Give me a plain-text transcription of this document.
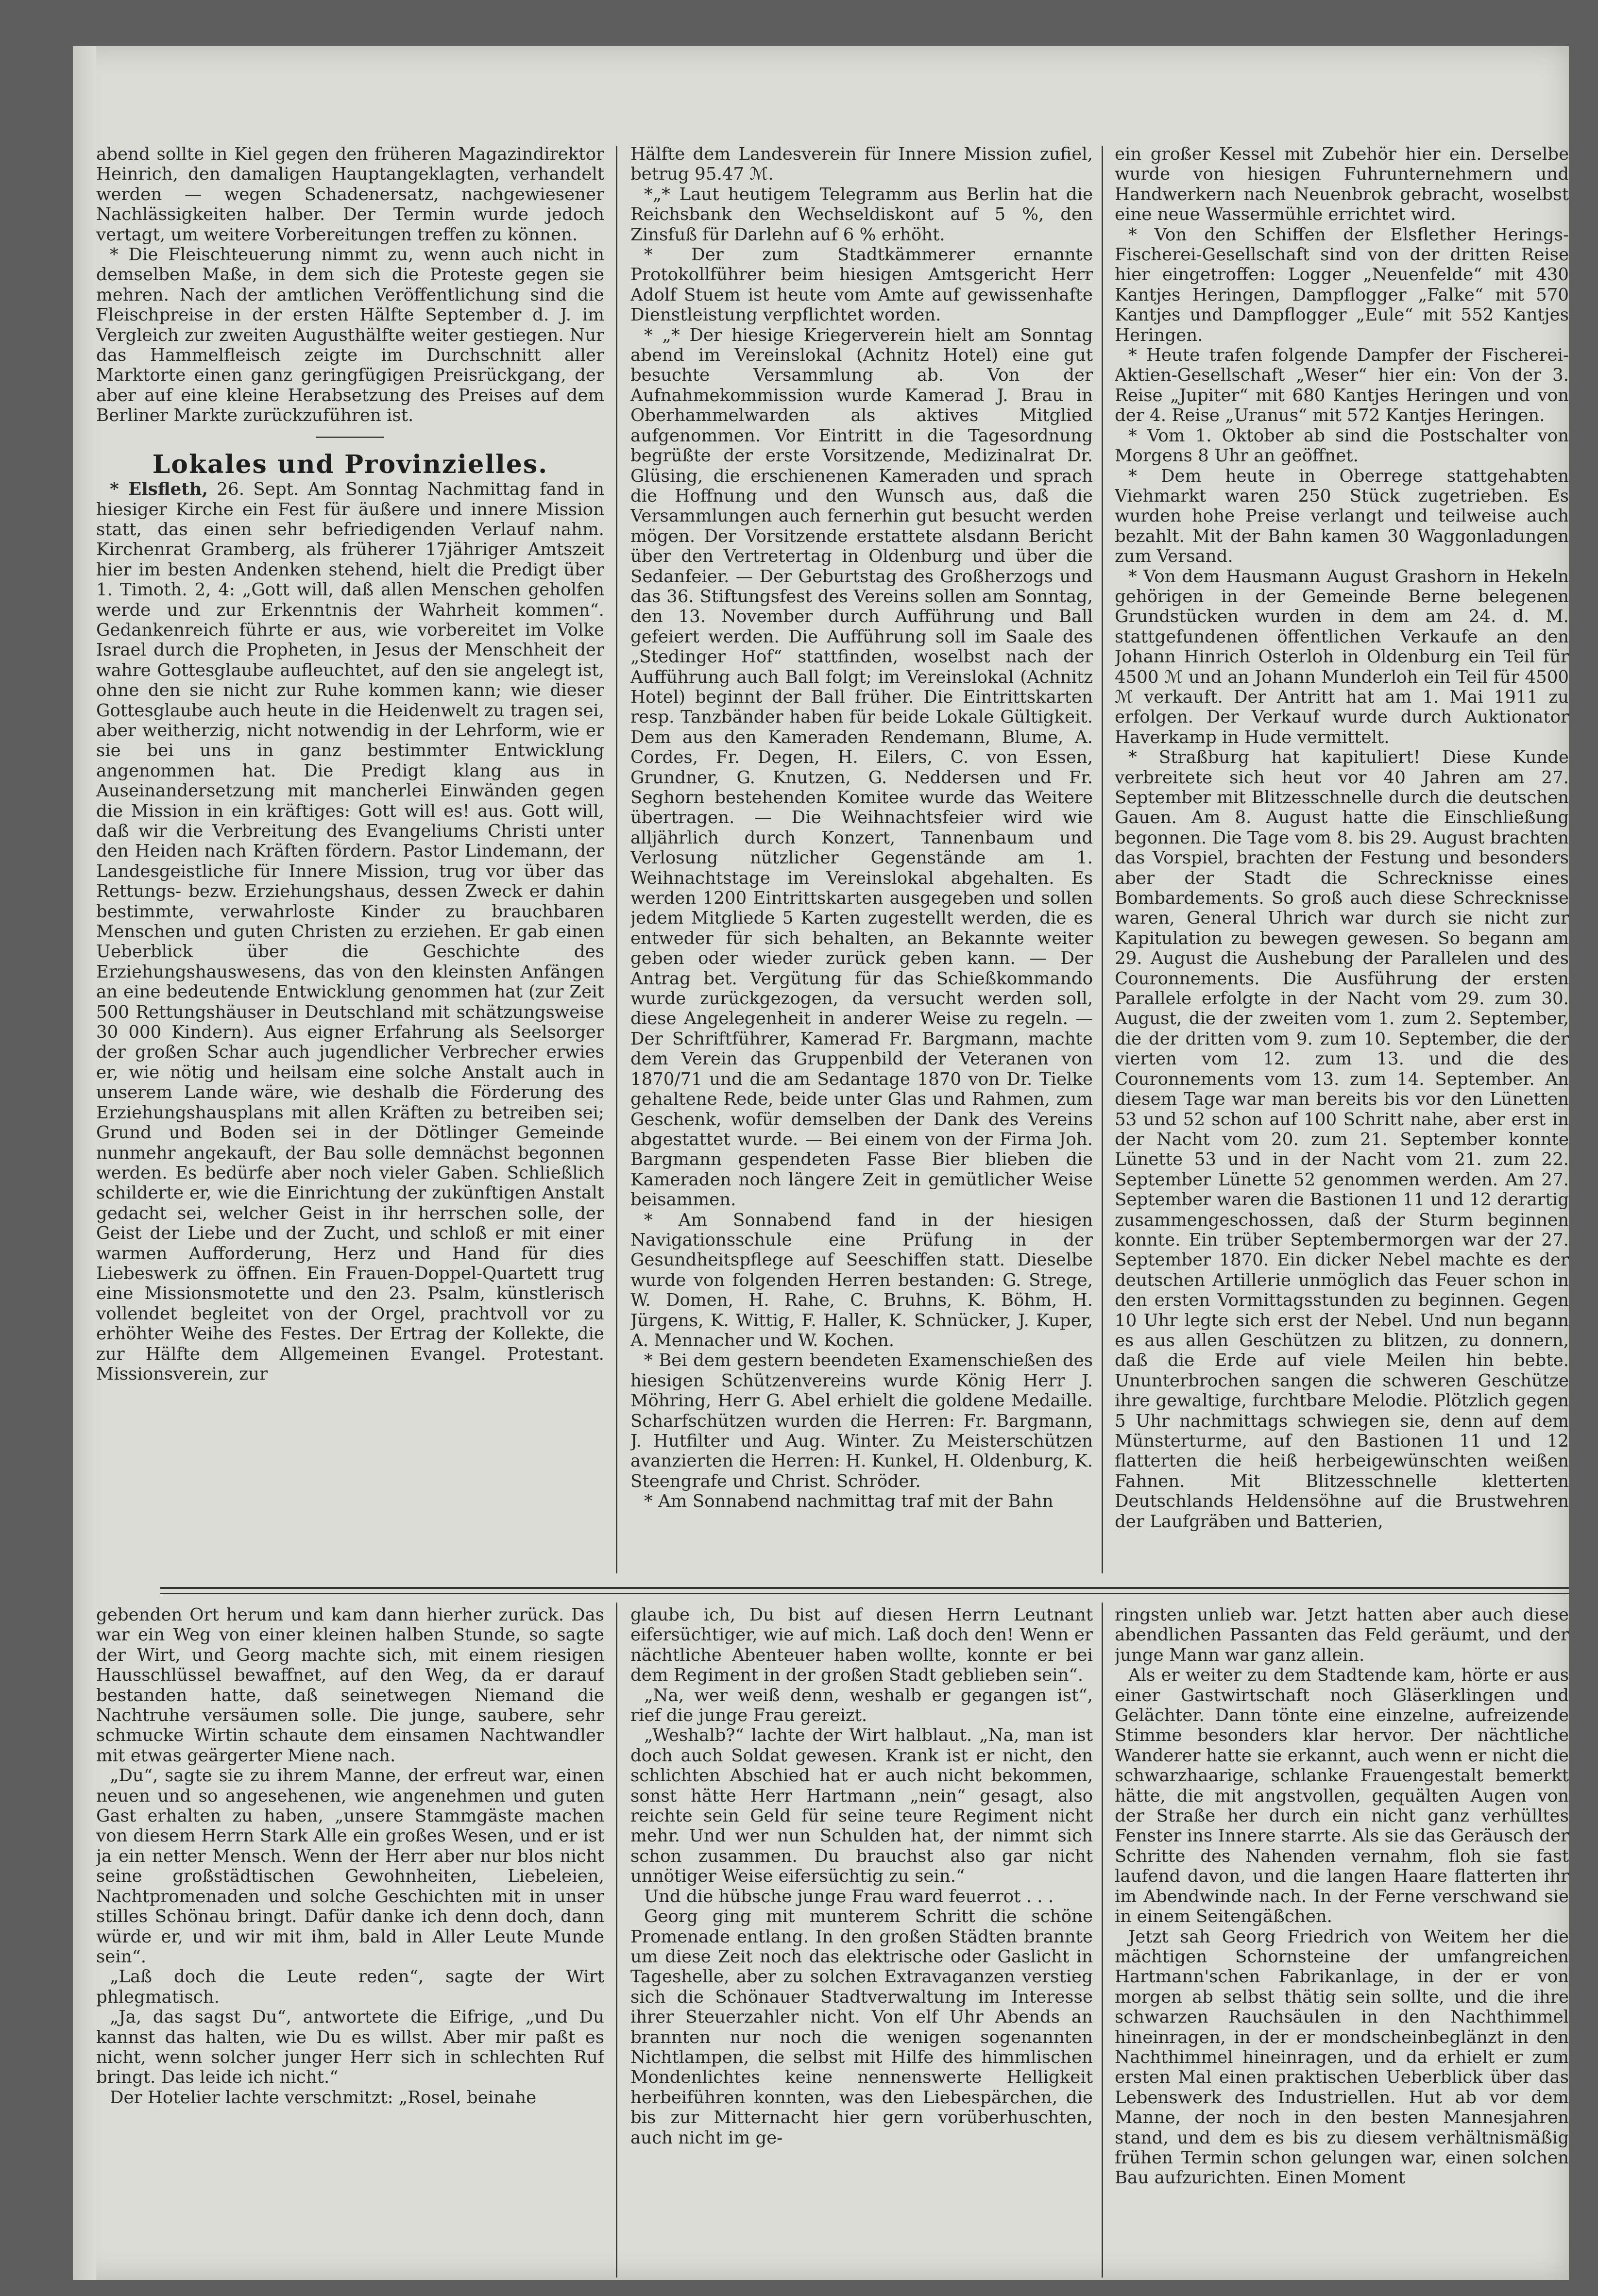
abend sollte in Kiel gegen den früheren Magazindirektor Heinrich, den damaligen Hauptangeklagten, verhandelt werden — wegen Schadenersatz, nachgewiesener Nachlässigkeiten halber. Der Termin wurde jedoch vertagt, um weitere Vorbereitungen treffen zu können.

* Die Fleischteuerung nimmt zu, wenn auch nicht in demselben Maße, in dem sich die Proteste gegen sie mehren. Nach der amtlichen Veröffentlichung sind die Fleischpreise in der ersten Hälfte September d. J. im Vergleich zur zweiten Augusthälfte weiter gestiegen. Nur das Hammelfleisch zeigte im Durchschnitt aller Marktorte einen ganz geringfügigen Preisrückgang, der aber auf eine kleine Herabsetzung des Preises auf dem Berliner Markte zurückzuführen ist.

Lokales und Provinzielles.

* Elsfleth, 26. Sept. Am Sonntag Nachmittag fand in hiesiger Kirche ein Fest für äußere und innere Mission statt, das einen sehr befriedigenden Verlauf nahm. Kirchenrat Gramberg, als früherer 17jähriger Amtszeit hier im besten Andenken stehend, hielt die Predigt über 1. Timoth. 2, 4: „Gott will, daß allen Menschen geholfen werde und zur Erkenntnis der Wahrheit kommen“. Gedankenreich führte er aus, wie vorbereitet im Volke Israel durch die Propheten, in Jesus der Menschheit der wahre Gottesglaube aufleuchtet, auf den sie angelegt ist, ohne den sie nicht zur Ruhe kommen kann; wie dieser Gottesglaube auch heute in die Heidenwelt zu tragen sei, aber weitherzig, nicht notwendig in der Lehrform, wie er sie bei uns in ganz bestimmter Entwicklung angenommen hat. Die Predigt klang aus in Auseinandersetzung mit mancherlei Einwänden gegen die Mission in ein kräftiges: Gott will es! aus. Gott will, daß wir die Verbreitung des Evangeliums Christi unter den Heiden nach Kräften fördern. Pastor Lindemann, der Landesgeistliche für Innere Mission, trug vor über das Rettungs- bezw. Erziehungshaus, dessen Zweck er dahin bestimmte, verwahrloste Kinder zu brauchbaren Menschen und guten Christen zu erziehen. Er gab einen Ueberblick über die Geschichte des Erziehungshauswesens, das von den kleinsten Anfängen an eine bedeutende Entwicklung genommen hat (zur Zeit 500 Rettungshäuser in Deutschland mit schätzungsweise 30 000 Kindern). Aus eigner Erfahrung als Seelsorger der großen Schar auch jugendlicher Verbrecher erwies er, wie nötig und heilsam eine solche Anstalt auch in unserem Lande wäre, wie deshalb die Förderung des Erziehungshausplans mit allen Kräften zu betreiben sei; Grund und Boden sei in der Dötlinger Gemeinde nunmehr angekauft, der Bau solle demnächst begonnen werden. Es bedürfe aber noch vieler Gaben. Schließlich schilderte er, wie die Einrichtung der zukünftigen Anstalt gedacht sei, welcher Geist in ihr herrschen solle, der Geist der Liebe und der Zucht, und schloß er mit einer warmen Aufforderung, Herz und Hand für dies Liebeswerk zu öffnen. Ein Frauen-Doppel-Quartett trug eine Missionsmotette und den 23. Psalm, künstlerisch vollendet begleitet von der Orgel, prachtvoll vor zu erhöhter Weihe des Festes. Der Ertrag der Kollekte, die zur Hälfte dem Allgemeinen Evangel. Protestant. Missionsverein, zur

Hälfte dem Landesverein für Innere Mission zufiel, betrug 95.47 ℳ.

*„* Laut heutigem Telegramm aus Berlin hat die Reichsbank den Wechseldiskont auf 5 %, den Zinsfuß für Darlehn auf 6 % erhöht.

* Der zum Stadtkämmerer ernannte Protokollführer beim hiesigen Amtsgericht Herr Adolf Stuem ist heute vom Amte auf gewissenhafte Dienstleistung verpflichtet worden.

* „* Der hiesige Kriegerverein hielt am Sonntag abend im Vereinslokal (Achnitz Hotel) eine gut besuchte Versammlung ab. Von der Aufnahmekommission wurde Kamerad J. Brau in Oberhammelwarden als aktives Mitglied aufgenommen. Vor Eintritt in die Tagesordnung begrüßte der erste Vorsitzende, Medizinalrat Dr. Glüsing, die erschienenen Kameraden und sprach die Hoffnung und den Wunsch aus, daß die Versammlungen auch fernerhin gut besucht werden mögen. Der Vorsitzende erstattete alsdann Bericht über den Vertretertag in Oldenburg und über die Sedanfeier. — Der Geburtstag des Großherzogs und das 36. Stiftungsfest des Vereins sollen am Sonntag, den 13. November durch Aufführung und Ball gefeiert werden. Die Aufführung soll im Saale des „Stedinger Hof“ stattfinden, woselbst nach der Aufführung auch Ball folgt; im Vereinslokal (Achnitz Hotel) beginnt der Ball früher. Die Eintrittskarten resp. Tanzbänder haben für beide Lokale Gültigkeit. Dem aus den Kameraden Rendemann, Blume, A. Cordes, Fr. Degen, H. Eilers, C. von Essen, Grundner, G. Knutzen, G. Neddersen und Fr. Seghorn bestehenden Komitee wurde das Weitere übertragen. — Die Weihnachtsfeier wird wie alljährlich durch Konzert, Tannenbaum und Verlosung nützlicher Gegenstände am 1. Weihnachtstage im Vereinslokal abgehalten. Es werden 1200 Eintrittskarten ausgegeben und sollen jedem Mitgliede 5 Karten zugestellt werden, die es entweder für sich behalten, an Bekannte weiter geben oder wieder zurück geben kann. — Der Antrag bet. Vergütung für das Schießkommando wurde zurückgezogen, da versucht werden soll, diese Angelegenheit in anderer Weise zu regeln. — Der Schriftführer, Kamerad Fr. Bargmann, machte dem Verein das Gruppenbild der Veteranen von 1870/71 und die am Sedantage 1870 von Dr. Tielke gehaltene Rede, beide unter Glas und Rahmen, zum Geschenk, wofür demselben der Dank des Vereins abgestattet wurde. — Bei einem von der Firma Joh. Bargmann gespendeten Fasse Bier blieben die Kameraden noch längere Zeit in gemütlicher Weise beisammen.

* Am Sonnabend fand in der hiesigen Navigationsschule eine Prüfung in der Gesundheitspflege auf Seeschiffen statt. Dieselbe wurde von folgenden Herren bestanden: G. Strege, W. Domen, H. Rahe, C. Bruhns, K. Böhm, H. Jürgens, K. Wittig, F. Haller, K. Schnücker, J. Kuper, A. Mennacher und W. Kochen.

* Bei dem gestern beendeten Examenschießen des hiesigen Schützenvereins wurde König Herr J. Möhring, Herr G. Abel erhielt die goldene Medaille. Scharfschützen wurden die Herren: Fr. Bargmann, J. Hutfilter und Aug. Winter. Zu Meisterschützen avanzierten die Herren: H. Kunkel, H. Oldenburg, K. Steengrafe und Christ. Schröder.

* Am Sonnabend nachmittag traf mit der Bahn

ein großer Kessel mit Zubehör hier ein. Derselbe wurde von hiesigen Fuhrunternehmern und Handwerkern nach Neuenbrok gebracht, woselbst eine neue Wassermühle errichtet wird.

* Von den Schiffen der Elsflether Herings-Fischerei-Gesellschaft sind von der dritten Reise hier eingetroffen: Logger „Neuenfelde“ mit 430 Kantjes Heringen, Dampflogger „Falke“ mit 570 Kantjes und Dampflogger „Eule“ mit 552 Kantjes Heringen.

* Heute trafen folgende Dampfer der Fischerei-Aktien-Gesellschaft „Weser“ hier ein: Von der 3. Reise „Jupiter“ mit 680 Kantjes Heringen und von der 4. Reise „Uranus“ mit 572 Kantjes Heringen.

* Vom 1. Oktober ab sind die Postschalter von Morgens 8 Uhr an geöffnet.

* Dem heute in Oberrege stattgehabten Viehmarkt waren 250 Stück zugetrieben. Es wurden hohe Preise verlangt und teilweise auch bezahlt. Mit der Bahn kamen 30 Waggonladungen zum Versand.

* Von dem Hausmann August Grashorn in Hekeln gehörigen in der Gemeinde Berne belegenen Grundstücken wurden in dem am 24. d. M. stattgefundenen öffentlichen Verkaufe an den Johann Hinrich Osterloh in Oldenburg ein Teil für 4500 ℳ und an Johann Munderloh ein Teil für 4500 ℳ verkauft. Der Antritt hat am 1. Mai 1911 zu erfolgen. Der Verkauf wurde durch Auktionator Haverkamp in Hude vermittelt.

* Straßburg hat kapituliert! Diese Kunde verbreitete sich heut vor 40 Jahren am 27. September mit Blitzesschnelle durch die deutschen Gauen. Am 8. August hatte die Einschließung begonnen. Die Tage vom 8. bis 29. August brachten das Vorspiel, brachten der Festung und besonders aber der Stadt die Schrecknisse eines Bombardements. So groß auch diese Schrecknisse waren, General Uhrich war durch sie nicht zur Kapitulation zu bewegen gewesen. So begann am 29. August die Aushebung der Parallelen und des Couronnements. Die Ausführung der ersten Parallele erfolgte in der Nacht vom 29. zum 30. August, die der zweiten vom 1. zum 2. September, die der dritten vom 9. zum 10. September, die der vierten vom 12. zum 13. und die des Couronnements vom 13. zum 14. September. An diesem Tage war man bereits bis vor den Lünetten 53 und 52 schon auf 100 Schritt nahe, aber erst in der Nacht vom 20. zum 21. September konnte Lünette 53 und in der Nacht vom 21. zum 22. September Lünette 52 genommen werden. Am 27. September waren die Bastionen 11 und 12 derartig zusammengeschossen, daß der Sturm beginnen konnte. Ein trüber Septembermorgen war der 27. September 1870. Ein dicker Nebel machte es der deutschen Artillerie unmöglich das Feuer schon in den ersten Vormittagsstunden zu beginnen. Gegen 10 Uhr legte sich erst der Nebel. Und nun begann es aus allen Geschützen zu blitzen, zu donnern, daß die Erde auf viele Meilen hin bebte. Ununterbrochen sangen die schweren Geschütze ihre gewaltige, furchtbare Melodie. Plötzlich gegen 5 Uhr nachmittags schwiegen sie, denn auf dem Münsterturme, auf den Bastionen 11 und 12 flatterten die heiß herbeigewünschten weißen Fahnen. Mit Blitzesschnelle kletterten Deutschlands Heldensöhne auf die Brustwehren der Laufgräben und Batterien,

gebenden Ort herum und kam dann hierher zurück. Das war ein Weg von einer kleinen halben Stunde, so sagte der Wirt, und Georg machte sich, mit einem riesigen Hausschlüssel bewaffnet, auf den Weg, da er darauf bestanden hatte, daß seinetwegen Niemand die Nachtruhe versäumen solle. Die junge, saubere, sehr schmucke Wirtin schaute dem einsamen Nachtwandler mit etwas geärgerter Miene nach.

„Du“, sagte sie zu ihrem Manne, der erfreut war, einen neuen und so angesehenen, wie angenehmen und guten Gast erhalten zu haben, „unsere Stammgäste machen von diesem Herrn Stark Alle ein großes Wesen, und er ist ja ein netter Mensch. Wenn der Herr aber nur blos nicht seine großstädtischen Gewohnheiten, Liebeleien, Nachtpromenaden und solche Geschichten mit in unser stilles Schönau bringt. Dafür danke ich denn doch, dann würde er, und wir mit ihm, bald in Aller Leute Munde sein“.

„Laß doch die Leute reden“, sagte der Wirt phlegmatisch.

„Ja, das sagst Du“, antwortete die Eifrige, „und Du kannst das halten, wie Du es willst. Aber mir paßt es nicht, wenn solcher junger Herr sich in schlechten Ruf bringt. Das leide ich nicht.“

Der Hotelier lachte verschmitzt: „Rosel, beinahe

glaube ich, Du bist auf diesen Herrn Leutnant eifersüchtiger, wie auf mich. Laß doch den! Wenn er nächtliche Abenteuer haben wollte, konnte er bei dem Regiment in der großen Stadt geblieben sein“.

„Na, wer weiß denn, weshalb er gegangen ist“, rief die junge Frau gereizt.

„Weshalb?“ lachte der Wirt halblaut. „Na, man ist doch auch Soldat gewesen. Krank ist er nicht, den schlichten Abschied hat er auch nicht bekommen, sonst hätte Herr Hartmann „nein“ gesagt, also reichte sein Geld für seine teure Regiment nicht mehr. Und wer nun Schulden hat, der nimmt sich schon zusammen. Du brauchst also gar nicht unnötiger Weise eifersüchtig zu sein.“

Und die hübsche junge Frau ward feuerrot . . .

Georg ging mit munterem Schritt die schöne Promenade entlang. In den großen Städten brannte um diese Zeit noch das elektrische oder Gaslicht in Tageshelle, aber zu solchen Extravaganzen verstieg sich die Schönauer Stadtverwaltung im Interesse ihrer Steuerzahler nicht. Von elf Uhr Abends an brannten nur noch die wenigen sogenannten Nichtlampen, die selbst mit Hilfe des himmlischen Mondenlichtes keine nennenswerte Helligkeit herbeiführen konnten, was den Liebespärchen, die bis zur Mitternacht hier gern vorüberhuschten, auch nicht im ge-

ringsten unlieb war. Jetzt hatten aber auch diese abendlichen Passanten das Feld geräumt, und der junge Mann war ganz allein.

Als er weiter zu dem Stadtende kam, hörte er aus einer Gastwirtschaft noch Gläserklingen und Gelächter. Dann tönte eine einzelne, aufreizende Stimme besonders klar hervor. Der nächtliche Wanderer hatte sie erkannt, auch wenn er nicht die schwarzhaarige, schlanke Frauengestalt bemerkt hätte, die mit angstvollen, gequälten Augen von der Straße her durch ein nicht ganz verhülltes Fenster ins Innere starrte. Als sie das Geräusch der Schritte des Nahenden vernahm, floh sie fast laufend davon, und die langen Haare flatterten ihr im Abendwinde nach. In der Ferne verschwand sie in einem Seitengäßchen.

Jetzt sah Georg Friedrich von Weitem her die mächtigen Schornsteine der umfangreichen Hartmann'schen Fabrikanlage, in der er von morgen ab selbst thätig sein sollte, und die ihre schwarzen Rauchsäulen in den Nachthimmel hineinragen, in der er mondscheinbeglänzt in den Nachthimmel hineinragen, und da erhielt er zum ersten Mal einen praktischen Ueberblick über das Lebenswerk des Industriellen. Hut ab vor dem Manne, der noch in den besten Mannesjahren stand, und dem es bis zu diesem verhältnismäßig frühen Termin schon gelungen war, einen solchen Bau aufzurichten. Einen Moment
